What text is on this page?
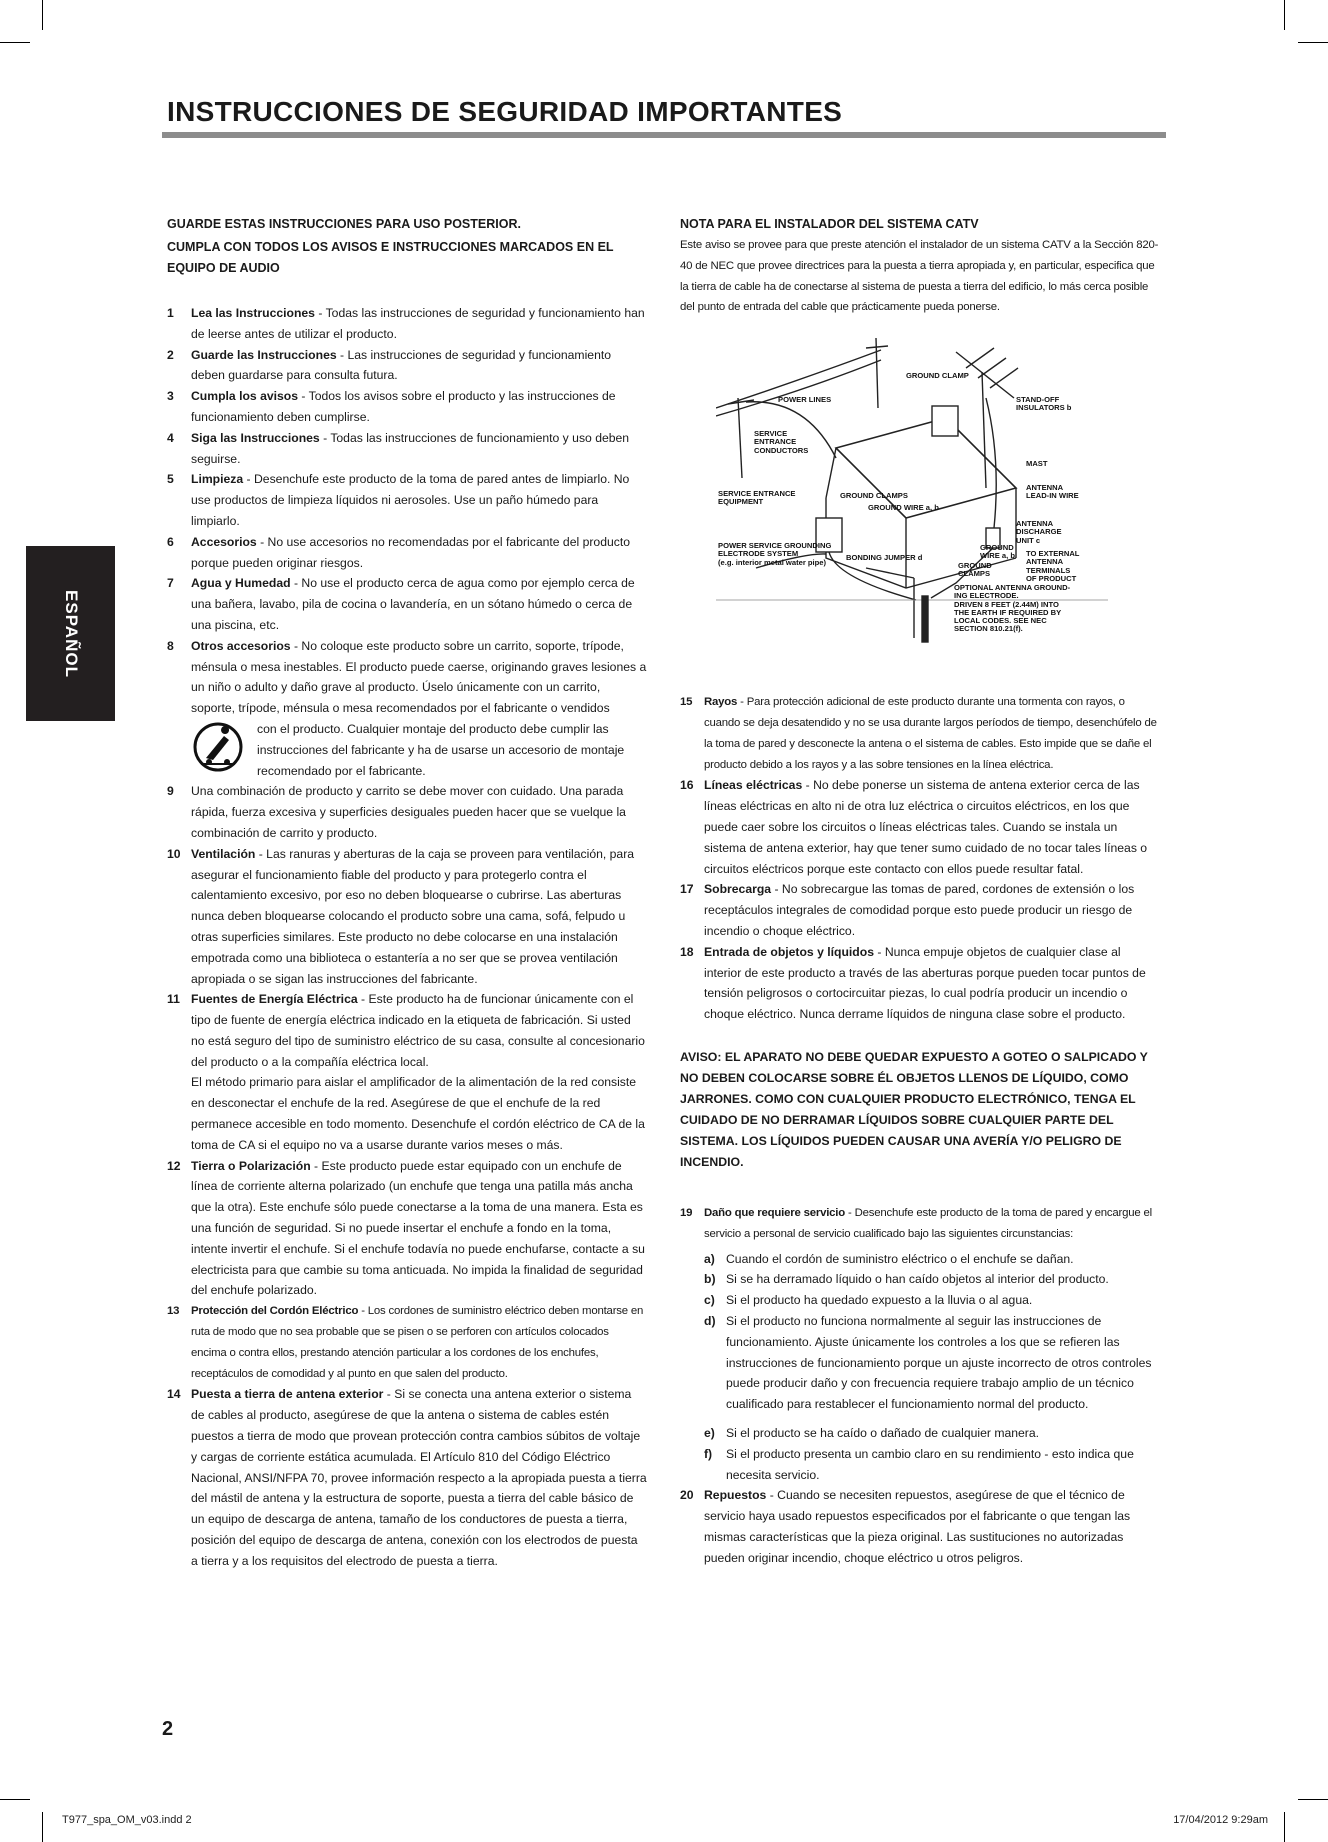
INSTRUCCIONES DE SEGURIDAD IMPORTANTES
ESPAÑOL
GUARDE ESTAS INSTRUCCIONES PARA USO POSTERIOR.
CUMPLA CON TODOS LOS AVISOS E INSTRUCCIONES MARCADOS EN EL EQUIPO DE AUDIO
1 Lea las Instrucciones - Todas las instrucciones de seguridad y funcionamiento han de leerse antes de utilizar el producto.
2 Guarde las Instrucciones - Las instrucciones de seguridad y funcionamiento deben guardarse para consulta futura.
3 Cumpla los avisos - Todos los avisos sobre el producto y las instrucciones de funcionamiento deben cumplirse.
4 Siga las Instrucciones - Todas las instrucciones de funcionamiento y uso deben seguirse.
5 Limpieza - Desenchufe este producto de la toma de pared antes de limpiarlo. No use productos de limpieza líquidos ni aerosoles. Use un paño húmedo para limpiarlo.
6 Accesorios - No use accesorios no recomendadas por el fabricante del producto porque pueden originar riesgos.
7 Agua y Humedad - No use el producto cerca de agua como por ejemplo cerca de una bañera, lavabo, pila de cocina o lavandería, en un sótano húmedo o cerca de una piscina, etc.
8 Otros accesorios - No coloque este producto sobre un carrito, soporte, trípode, ménsula o mesa inestables. El producto puede caerse, originando graves lesiones a un niño o adulto y daño grave al producto. Úselo únicamente con un carrito, soporte, trípode, ménsula o mesa recomendados por el fabricante o vendidos
con el producto. Cualquier montaje del producto debe cumplir las instrucciones del fabricante y ha de usarse un accesorio de montaje recomendado por el fabricante.
9 Una combinación de producto y carrito se debe mover con cuidado. Una parada rápida, fuerza excesiva y superficies desiguales pueden hacer que se vuelque la combinación de carrito y producto.
10 Ventilación - Las ranuras y aberturas de la caja se proveen para ventilación, para asegurar el funcionamiento fiable del producto y para protegerlo contra el calentamiento excesivo, por eso no deben bloquearse o cubrirse. Las aberturas nunca deben bloquearse colocando el producto sobre una cama, sofá, felpudo u otras superficies similares. Este producto no debe colocarse en una instalación empotrada como una biblioteca o estantería a no ser que se provea ventilación apropiada o se sigan las instrucciones del fabricante.
11 Fuentes de Energía Eléctrica - Este producto ha de funcionar únicamente con el tipo de fuente de energía eléctrica indicado en la etiqueta de fabricación. Si usted no está seguro del tipo de suministro eléctrico de su casa, consulte al concesionario del producto o a la compañía eléctrica local.
El método primario para aislar el amplificador de la alimentación de la red consiste en desconectar el enchufe de la red. Asegúrese de que el enchufe de la red permanece accesible en todo momento. Desenchufe el cordón eléctrico de CA de la toma de CA si el equipo no va a usarse durante varios meses o más.
12 Tierra o Polarización - Este producto puede estar equipado con un enchufe de línea de corriente alterna polarizado (un enchufe que tenga una patilla más ancha que la otra). Este enchufe sólo puede conectarse a la toma de una manera. Esta es una función de seguridad. Si no puede insertar el enchufe a fondo en la toma, intente invertir el enchufe. Si el enchufe todavía no puede enchufarse, contacte a su electricista para que cambie su toma anticuada. No impida la finalidad de seguridad del enchufe polarizado.
13 Protección del Cordón Eléctrico - Los cordones de suministro eléctrico deben montarse en ruta de modo que no sea probable que se pisen o se perforen con artículos colocados encima o contra ellos, prestando atención particular a los cordones de los enchufes, receptáculos de comodidad y al punto en que salen del producto.
14 Puesta a tierra de antena exterior - Si se conecta una antena exterior o sistema de cables al producto, asegúrese de que la antena o sistema de cables estén puestos a tierra de modo que provean protección contra cambios súbitos de voltaje y cargas de corriente estática acumulada. El Artículo 810 del Código Eléctrico Nacional, ANSI/NFPA 70, provee información respecto a la apropiada puesta a tierra del mástil de antena y la estructura de soporte, puesta a tierra del cable básico de un equipo de descarga de antena, tamaño de los conductores de puesta a tierra, posición del equipo de descarga de antena, conexión con los electrodos de puesta a tierra y a los requisitos del electrodo de puesta a tierra.
NOTA PARA EL INSTALADOR DEL SISTEMA CATV
Este aviso se provee para que preste atención el instalador de un sistema CATV a la Sección 820-40 de NEC que provee directrices para la puesta a tierra apropiada y, en particular, especifica que la tierra de cable ha de conectarse al sistema de puesta a tierra del edificio, lo más cerca posible del punto de entrada del cable que prácticamente pueda ponerse.
GROUND CLAMP
POWER LINES	STAND-OFF
INSULATORS b
SERVICE
ENTRANCE
CONDUCTORS
MAST
ANTENNA
LEAD-IN WIRE
SERVICE ENTRANCE
EQUIPMENT
GROUND CLAMPS
GROUND WIRE a, b
ANTENNA
DISCHARGE
UNIT c
POWER SERVICE GROUNDING
ELECTRODE SYSTEM
(e.g. interior metal water pipe)	BONDING JUMPER d
GROUND
WIRE a, b TO EXTERNAL
ANTENNA
TERMINALS
OF PRODUCT
GROUND
CLAMPS
OPTIONAL ANTENNA GROUND-
ING ELECTRODE.
DRIVEN 8 FEET (2.44M) INTO
THE EARTH IF REQUIRED BY
LOCAL CODES. SEE NEC
SECTION 810.21(f).
15 Rayos - Para protección adicional de este producto durante una tormenta con rayos, o cuando se deja desatendido y no se usa durante largos períodos de tiempo, desenchúfelo de la toma de pared y desconecte la antena o el sistema de cables. Esto impide que se dañe el producto debido a los rayos y a las sobre tensiones en la línea eléctrica.
16 Líneas eléctricas - No debe ponerse un sistema de antena exterior cerca de las líneas eléctricas en alto ni de otra luz eléctrica o circuitos eléctricos, en los que puede caer sobre los circuitos o líneas eléctricas tales. Cuando se instala un sistema de antena exterior, hay que tener sumo cuidado de no tocar tales líneas o circuitos eléctricos porque este contacto con ellos puede resultar fatal.
17 Sobrecarga - No sobrecargue las tomas de pared, cordones de extensión o los receptáculos integrales de comodidad porque esto puede producir un riesgo de incendio o choque eléctrico.
18 Entrada de objetos y líquidos - Nunca empuje objetos de cualquier clase al interior de este producto a través de las aberturas porque pueden tocar puntos de tensión peligrosos o cortocircuitar piezas, lo cual podría producir un incendio o choque eléctrico. Nunca derrame líquidos de ninguna clase sobre el producto.
AVISO: EL APARATO NO DEBE QUEDAR EXPUESTO A GOTEO O SALPICADO Y NO DEBEN COLOCARSE SOBRE ÉL OBJETOS LLENOS DE LÍQUIDO, COMO JARRONES. COMO CON CUALQUIER PRODUCTO ELECTRÓNICO, TENGA EL CUIDADO DE NO DERRAMAR LÍQUIDOS SOBRE CUALQUIER PARTE DEL SISTEMA. LOS LÍQUIDOS PUEDEN CAUSAR UNA AVERÍA Y/O PELIGRO DE INCENDIO.
19 Daño que requiere servicio - Desenchufe este producto de la toma de pared y encargue el servicio a personal de servicio cualificado bajo las siguientes circunstancias:
a) Cuando el cordón de suministro eléctrico o el enchufe se dañan.
b) Si se ha derramado líquido o han caído objetos al interior del producto.
c) Si el producto ha quedado expuesto a la lluvia o al agua.
d) Si el producto no funciona normalmente al seguir las instrucciones de funcionamiento. Ajuste únicamente los controles a los que se refieren las instrucciones de funcionamiento porque un ajuste incorrecto de otros controles puede producir daño y con frecuencia requiere trabajo amplio de un técnico cualificado para restablecer el funcionamiento normal del producto.
e) Si el producto se ha caído o dañado de cualquier manera.
f) Si el producto presenta un cambio claro en su rendimiento - esto indica que necesita servicio.
20 Repuestos - Cuando se necesiten repuestos, asegúrese de que el técnico de servicio haya usado repuestos especificados por el fabricante o que tengan las mismas características que la pieza original. Las sustituciones no autorizadas pueden originar incendio, choque eléctrico u otros peligros.
2
T977_spa_OM_v03.indd 2	17/04/2012 9:29am
